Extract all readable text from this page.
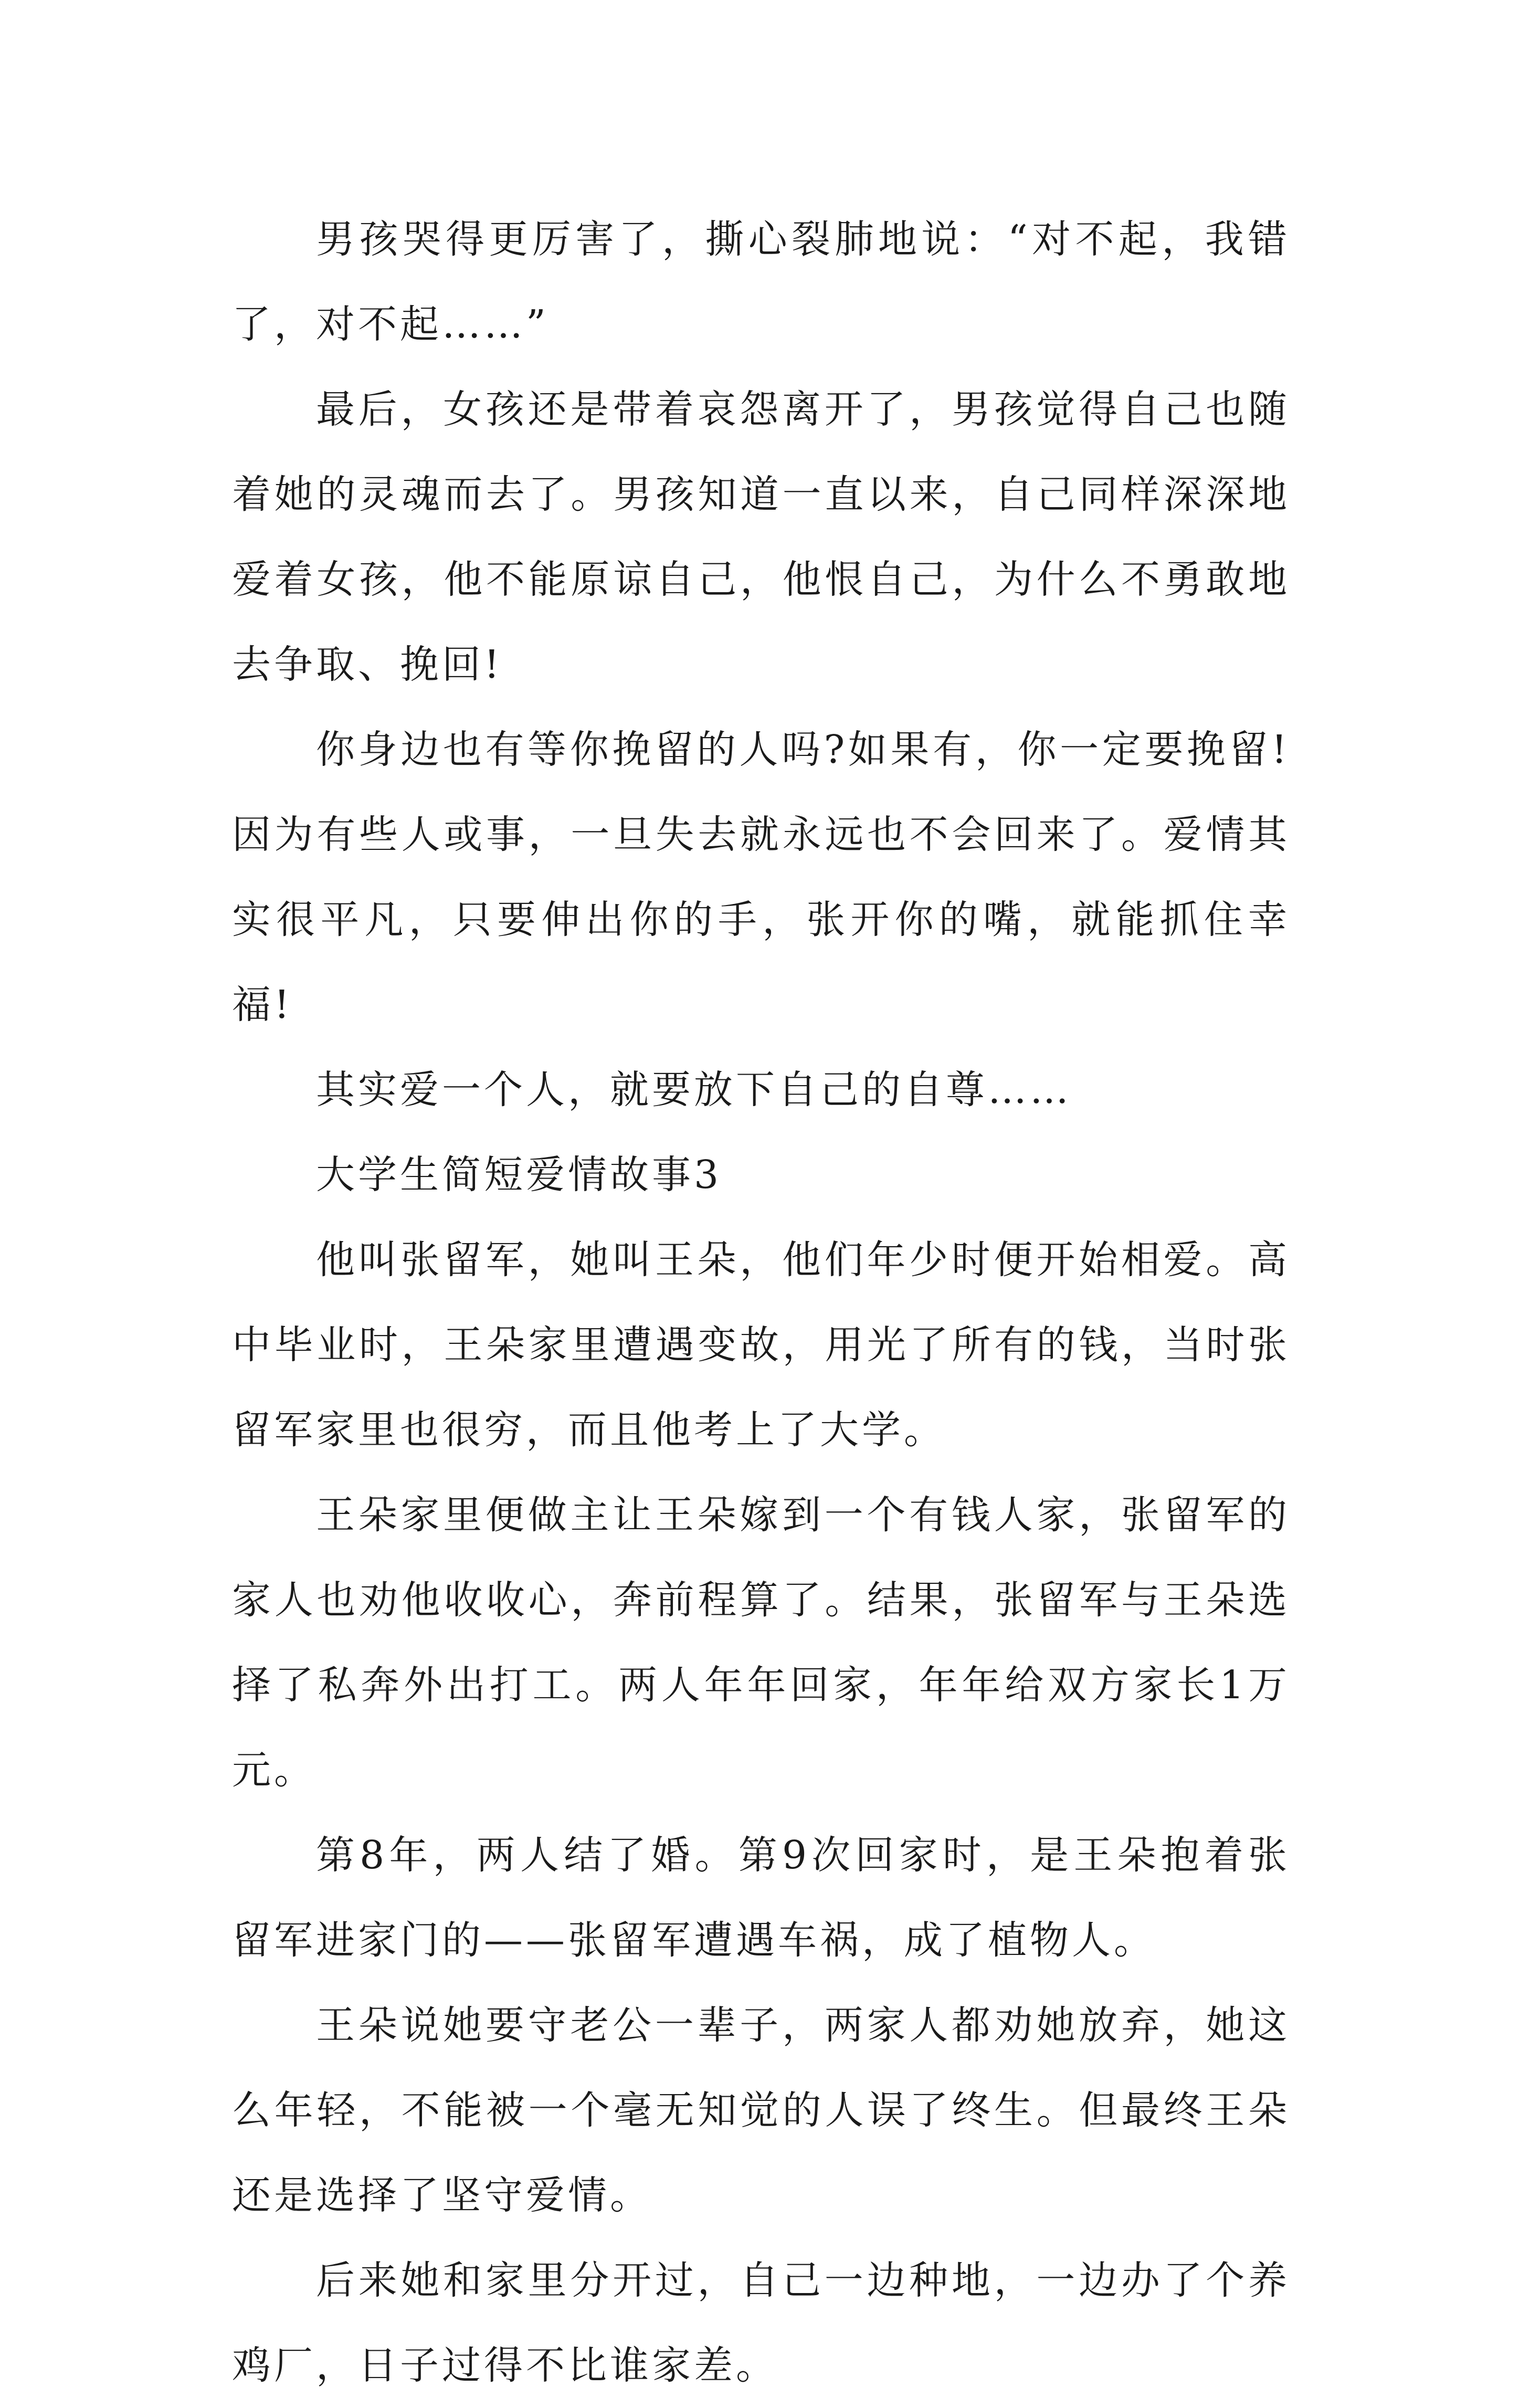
男孩哭得更厉害了，撕心裂肺地说：“对不起，我错了，对不起……”

最后，女孩还是带着哀怨离开了，男孩觉得自己也随着她的灵魂而去了。男孩知道一直以来，自己同样深深地爱着女孩，他不能原谅自己，他恨自己，为什么不勇敢地去争取、挽回!

你身边也有等你挽留的人吗?如果有，你一定要挽留!因为有些人或事，一旦失去就永远也不会回来了。爱情其实很平凡，只要伸出你的手，张开你的嘴，就能抓住幸福!

其实爱一个人，就要放下自己的自尊……

大学生简短爱情故事3

他叫张留军，她叫王朵，他们年少时便开始相爱。高中毕业时，王朵家里遭遇变故，用光了所有的钱，当时张留军家里也很穷，而且他考上了大学。

王朵家里便做主让王朵嫁到一个有钱人家，张留军的家人也劝他收收心，奔前程算了。结果，张留军与王朵选择了私奔外出打工。两人年年回家，年年给双方家长1万元。

第8年，两人结了婚。第9次回家时，是王朵抱着张留军进家门的——张留军遭遇车祸，成了植物人。

王朵说她要守老公一辈子，两家人都劝她放弃，她这么年轻，不能被一个毫无知觉的人误了终生。但最终王朵还是选择了坚守爱情。

后来她和家里分开过，自己一边种地，一边办了个养鸡厂，日子过得不比谁家差。
